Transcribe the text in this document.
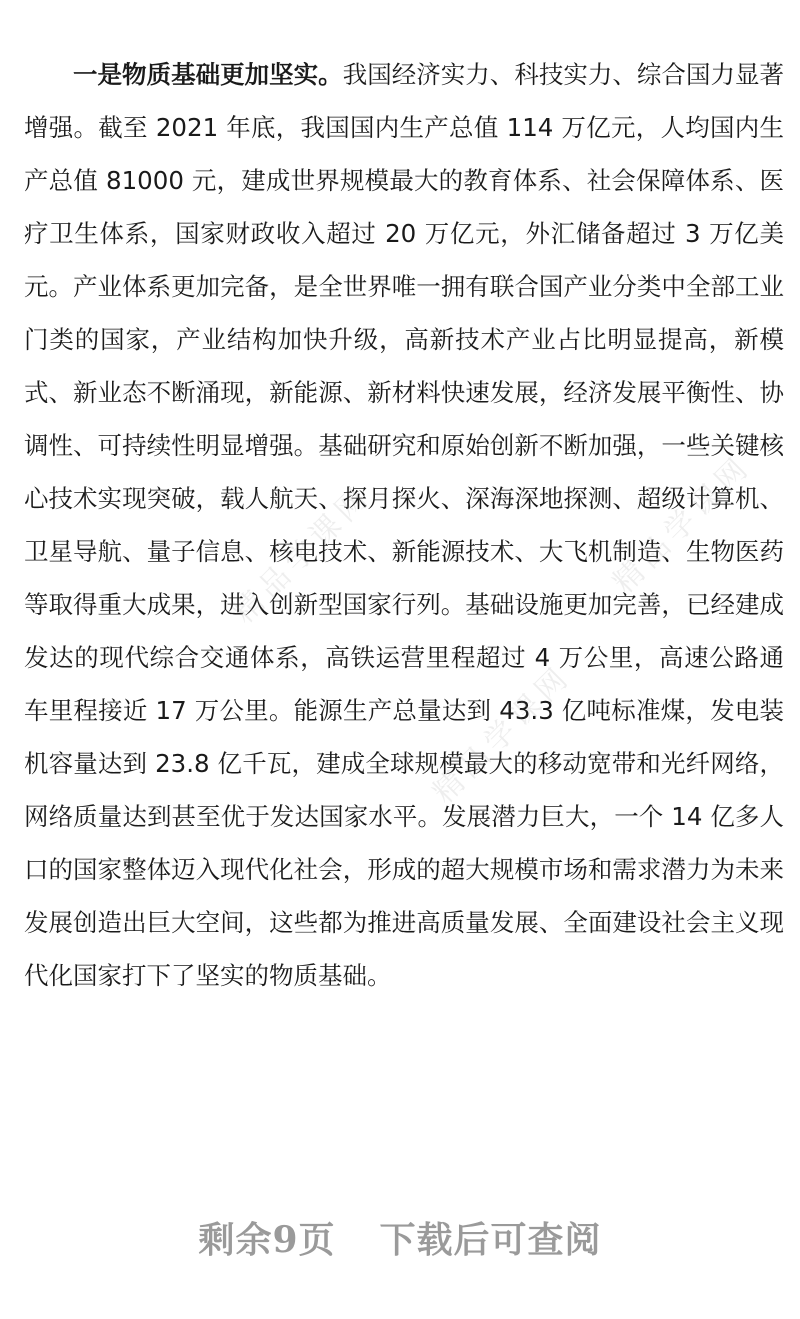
一是物质基础更加坚实。我国经济实力、科技实力、综合国力显著增强。截至 2021 年底，我国国内生产总值 114 万亿元，人均国内生产总值 81000 元，建成世界规模最大的教育体系、社会保障体系、医疗卫生体系，国家财政收入超过 20 万亿元，外汇储备超过 3 万亿美元。产业体系更加完备，是全世界唯一拥有联合国产业分类中全部工业门类的国家，产业结构加快升级，高新技术产业占比明显提高，新模式、新业态不断涌现，新能源、新材料快速发展，经济发展平衡性、协调性、可持续性明显增强。基础研究和原始创新不断加强，一些关键核心技术实现突破，载人航天、探月探火、深海深地探测、超级计算机、卫星导航、量子信息、核电技术、新能源技术、大飞机制造、生物医药等取得重大成果，进入创新型国家行列。基础设施更加完善，已经建成发达的现代综合交通体系，高铁运营里程超过 4 万公里，高速公路通车里程接近 17 万公里。能源生产总量达到 43.3 亿吨标准煤，发电装机容量达到 23.8 亿千瓦，建成全球规模最大的移动宽带和光纤网络，网络质量达到甚至优于发达国家水平。发展潜力巨大，一个 14 亿多人口的国家整体迈入现代化社会，形成的超大规模市场和需求潜力为未来发展创造出巨大空间，这些都为推进高质量发展、全面建设社会主义现代化国家打下了坚实的物质基础。

精品学课网
精品学课网
精品学课网
剩余9页 下载后可查阅
